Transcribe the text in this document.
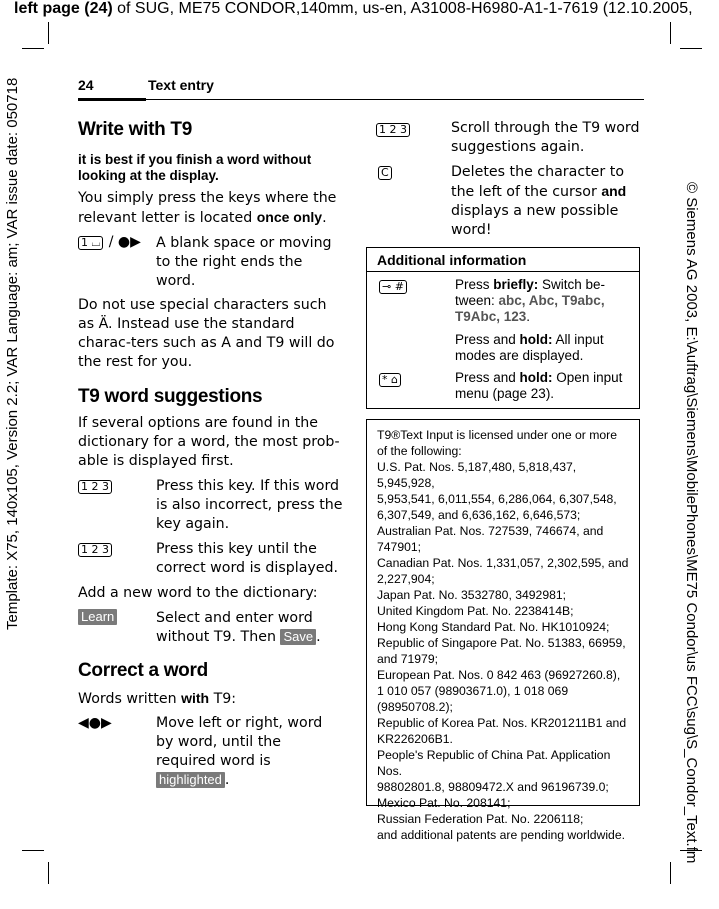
left page (24) of SUG, ME75 CONDOR,140mm, us-en, A31008-H6980-A1-1-7619 (12.10.2005,
Template: X75, 140x105, Version 2.2; VAR Language: am; VAR issue date: 050718	© Siemens AG 2003, E:\Auftrag\Siemens\MobilePhones\ME75 Condor\us FCC\sug\S_Condor_Text.fm
24	Text entry
Write with T9
it is best if you finish a word without looking at the display.
You simply press the keys where the relevant letter is located once only.
1 ⌴ / ●▶ A blank space or moving to the right ends the word.
Do not use special characters such as Ä. Instead use the standard charac-ters such as A and T9 will do the rest for you.
T9 word suggestions
If several options are found in the dictionary for a word, the most prob-able is displayed first.
1 2 3	Press this key. If this word is also incorrect, press the key again.
1 2 3	Press this key until the correct word is displayed.
Add a new word to the dictionary:
Learn	Select and enter word without T9. Then Save .
Correct a word
Words written with T9:
◀●▶	Move left or right, word by word, until the required word is highlighted .
1 2 3	Scroll through the T9 word suggestions again.
C	Deletes the character to the left of the cursor and displays a new possible word!
Additional information
⊸ #	Press briefly: Switch be-tween: abc, Abc, T9abc, T9Abc, 123.
Press and hold: All input modes are displayed.
* ⌂	Press and hold: Open input menu (page 23).
T9®Text Input is licensed under one or more
of the following:
U.S. Pat. Nos. 5,187,480, 5,818,437, 5,945,928,
5,953,541, 6,011,554, 6,286,064, 6,307,548,
6,307,549, and 6,636,162, 6,646,573;
Australian Pat. Nos. 727539, 746674, and
747901;
Canadian Pat. Nos. 1,331,057, 2,302,595, and
2,227,904;
Japan Pat. No. 3532780, 3492981;
United Kingdom Pat. No. 2238414B;
Hong Kong Standard Pat. No. HK1010924;
Republic of Singapore Pat. No. 51383, 66959,
and 71979;
European Pat. Nos. 0 842 463 (96927260.8),
1 010 057 (98903671.0), 1 018 069
(98950708.2);
Republic of Korea Pat. Nos. KR201211B1 and
KR226206B1.
People's Republic of China Pat. Application Nos.
98802801.8, 98809472.X and 96196739.0;
Mexico Pat. No. 208141;
Russian Federation Pat. No. 2206118;
and additional patents are pending worldwide.
